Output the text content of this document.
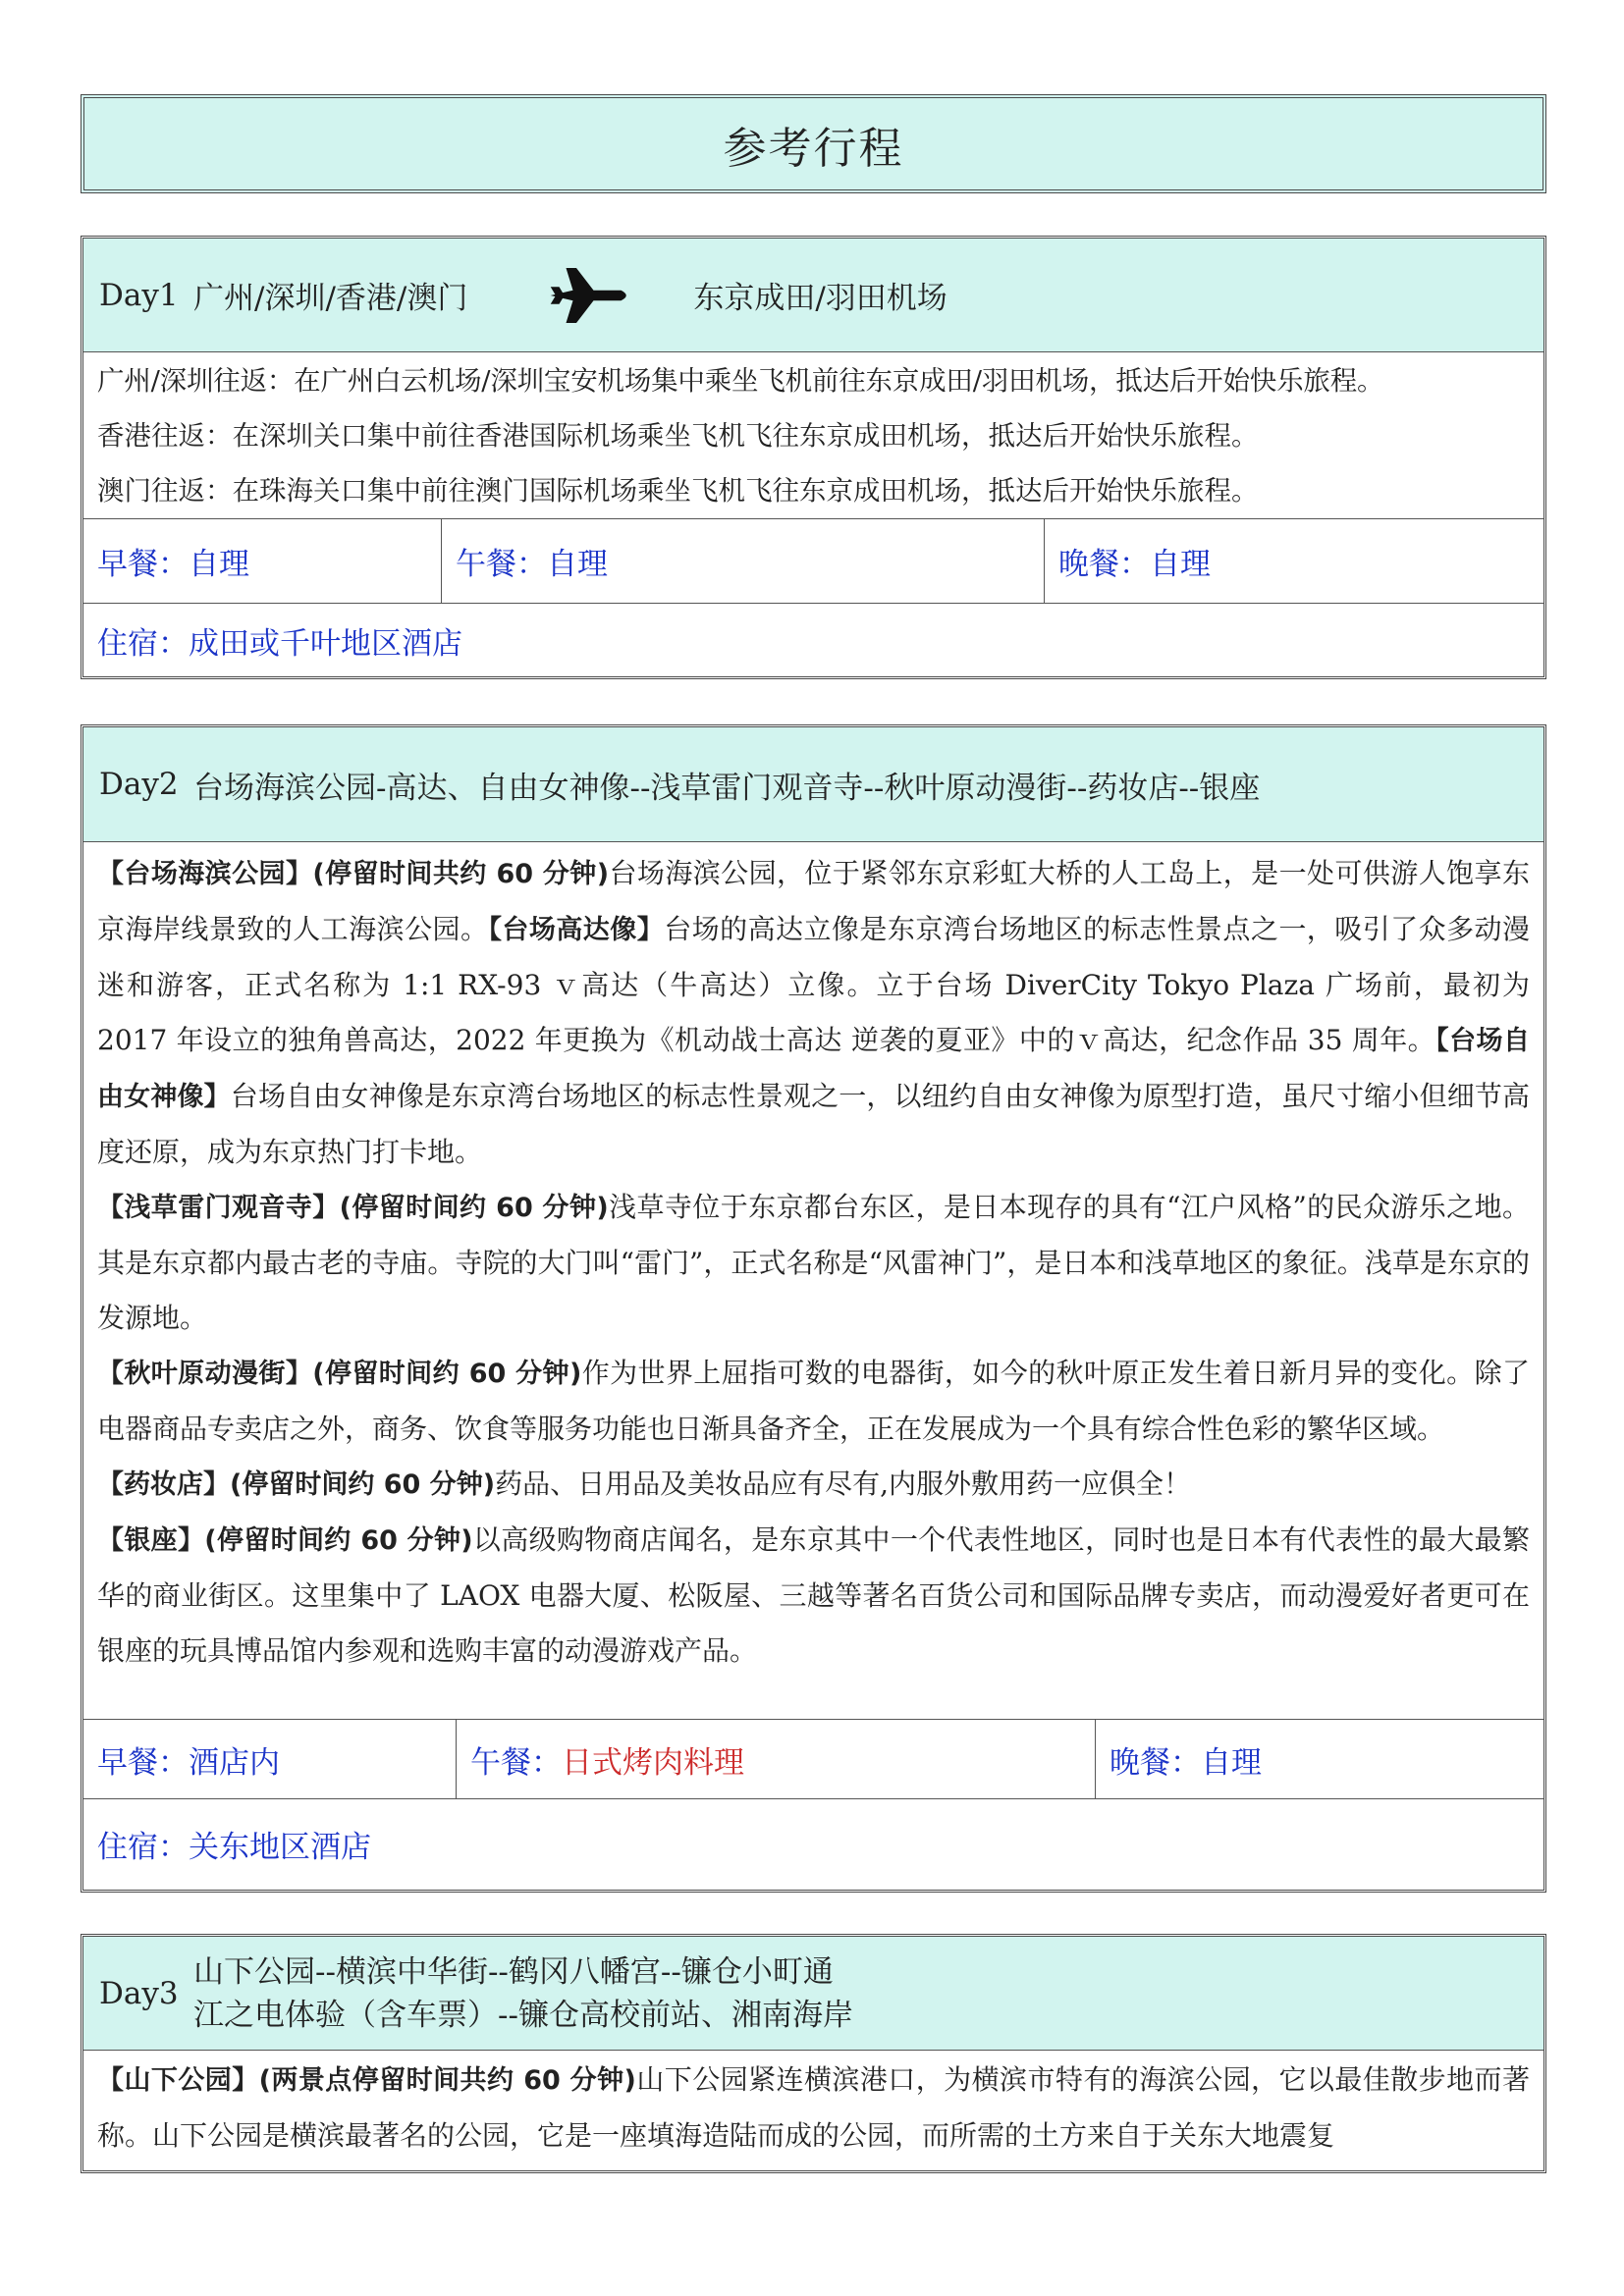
参考行程
Day1 广州/深圳/香港/澳门	东京成田/羽田机场

广州/深圳往返：在广州白云机场/深圳宝安机场集中乘坐飞机前往东京成田/羽田机场，抵达后开始快乐旅程。

香港往返：在深圳关口集中前往香港国际机场乘坐飞机飞往东京成田机场，抵达后开始快乐旅程。

澳门往返：在珠海关口集中前往澳门国际机场乘坐飞机飞往东京成田机场，抵达后开始快乐旅程。

早餐：自理	午餐：自理	晚餐：自理
住宿：成田或千叶地区酒店
Day2 台场海滨公园-高达、自由女神像--浅草雷门观音寺--秋叶原动漫街--药妆店--银座

【台场海滨公园】(停留时间共约 60 分钟)台场海滨公园，位于紧邻东京彩虹大桥的人工岛上，是一处可供游人饱享东京海岸线景致的人工海滨公园。【台场高达像】台场的高达立像是东京湾台场地区的标志性景点之一，吸引了众多动漫迷和游客，正式名称为 1:1 RX-93 ｖ高达（牛高达）立像。立于台场 DiverCity Tokyo Plaza 广场前，最初为 2017 年设立的独角兽高达，2022 年更换为《机动战士高达 逆袭的夏亚》中的ｖ高达，纪念作品 35 周年。【台场自由女神像】台场自由女神像是东京湾台场地区的标志性景观之一，以纽约自由女神像为原型打造，虽尺寸缩小但细节高度还原，成为东京热门打卡地。

【浅草雷门观音寺】(停留时间约 60 分钟)浅草寺位于东京都台东区，是日本现存的具有“江户风格”的民众游乐之地。其是东京都内最古老的寺庙。寺院的大门叫“雷门”，正式名称是“风雷神门”，是日本和浅草地区的象征。浅草是东京的发源地。

【秋叶原动漫街】(停留时间约 60 分钟)作为世界上屈指可数的电器街，如今的秋叶原正发生着日新月异的变化。除了电器商品专卖店之外，商务、饮食等服务功能也日渐具备齐全，正在发展成为一个具有综合性色彩的繁华区域。

【药妆店】(停留时间约 60 分钟)药品、日用品及美妆品应有尽有,内服外敷用药一应俱全！

【银座】(停留时间约 60 分钟)以高级购物商店闻名，是东京其中一个代表性地区，同时也是日本有代表性的最大最繁华的商业街区。这里集中了 LAOX 电器大厦、松阪屋、三越等著名百货公司和国际品牌专卖店，而动漫爱好者更可在银座的玩具博品馆内参观和选购丰富的动漫游戏产品。

早餐：酒店内	午餐： 日式烤肉料理	晚餐：自理
住宿：关东地区酒店
Day3
山下公园--横滨中华街--鹤冈八幡宫--镰仓小町通
江之电体验（含车票）--镰仓高校前站、湘南海岸

【山下公园】(两景点停留时间共约 60 分钟)山下公园紧连横滨港口，为横滨市特有的海滨公园，它以最佳散步地而著称。山下公园是横滨最著名的公园，它是一座填海造陆而成的公园，而所需的土方来自于关东大地震复
